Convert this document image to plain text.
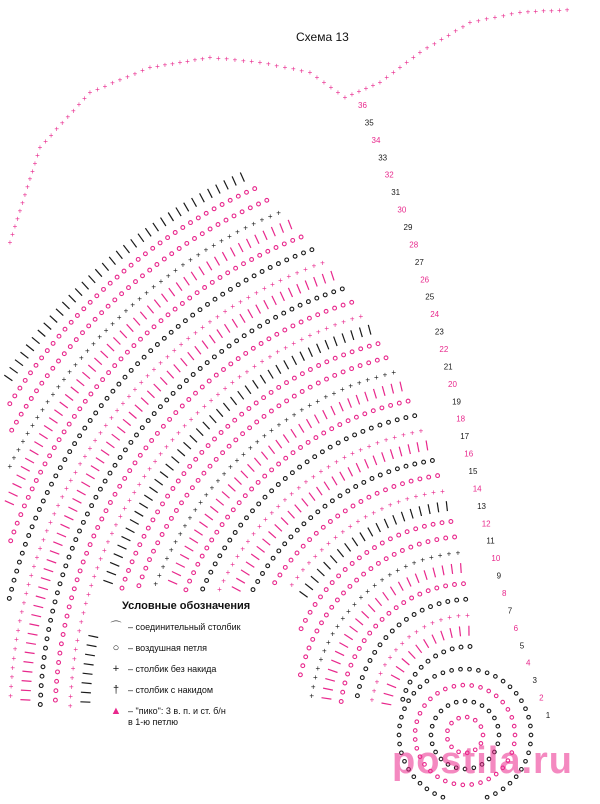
+
+
+
+
+
+
+
+
+
+
+
+
+
+
+
+
+
+
+
+
+
+
+
+
+
+
+
+
+
+
+
+
+
+
+
+
+
+
+
+
+
+
+
+
+
+
+
+
+
+
+
+
+
+
+
+
+
+
+
+
+
+
+
+
+
+
+
+
+
+
+
+
+
+
+
+
+
+
+
+
+
+
+
+
+
+
+
+
+
+
+
+
+
+
+
+
+
+
+
+
+
+
+
+
+
+
+
+
+
+
+
+
+
+
+
+
+
+
+
+
+
+
+
+
+
+
+
+
+
+
+
+
+
+
+
+
+
+
+
+
+
+
+
+
+
+
+
+
+
+
+
+
+
+
+
+
+
+
+
+
+
+
+
+
+
+
+
+
+
+
+
+
+
+
+
+
+
+
+
+
+
+
+
+
+
+
+
+
+
+
+
+
+
+
+
+
+
+
+
+
+
+
+
+
+
+
+
+
+
+
+
+
+
+
+
+
+
+
+
+
+
+
+
+
+
+
+
+
+
+
+
+
+
+
+
+
+
+
+
+
+
+
+
+
+
+
+
+
+
+
+
+
+
+
+
+
+
+
+
+
+
+
+
+
+
+
+
+
+
+
+
+
+
+
+
+
+
+
+
+
+
+
+
+
+
+
+
+
+
+
+
+
+
+
+
+
+
+
+
+
+
+
+
+
+
+
+
+
+
+
+
+ + + + + + + + + + + + + + + + + + + + + + + + + + + + +
+
+
+
+
+ + + + + +
+
+
+
+
+
+ + + + + + + + + + + + + + + + + + + +
36
35
34
33
32
31
30
29
28
27
26
25
24
23
22
21
20
19
18
17
16
15
14
13
12
11
10
9
8
7
6
5
4
3
2
1
Схема 13
Условные обозначения
⌒ – соединительный столбик
○ – воздушная петля
+ – столбик без накида
† – столбик с накидом
▲ – "пико": 3 в. п. и ст. б/н
в 1-ю петлю
postila.ru
